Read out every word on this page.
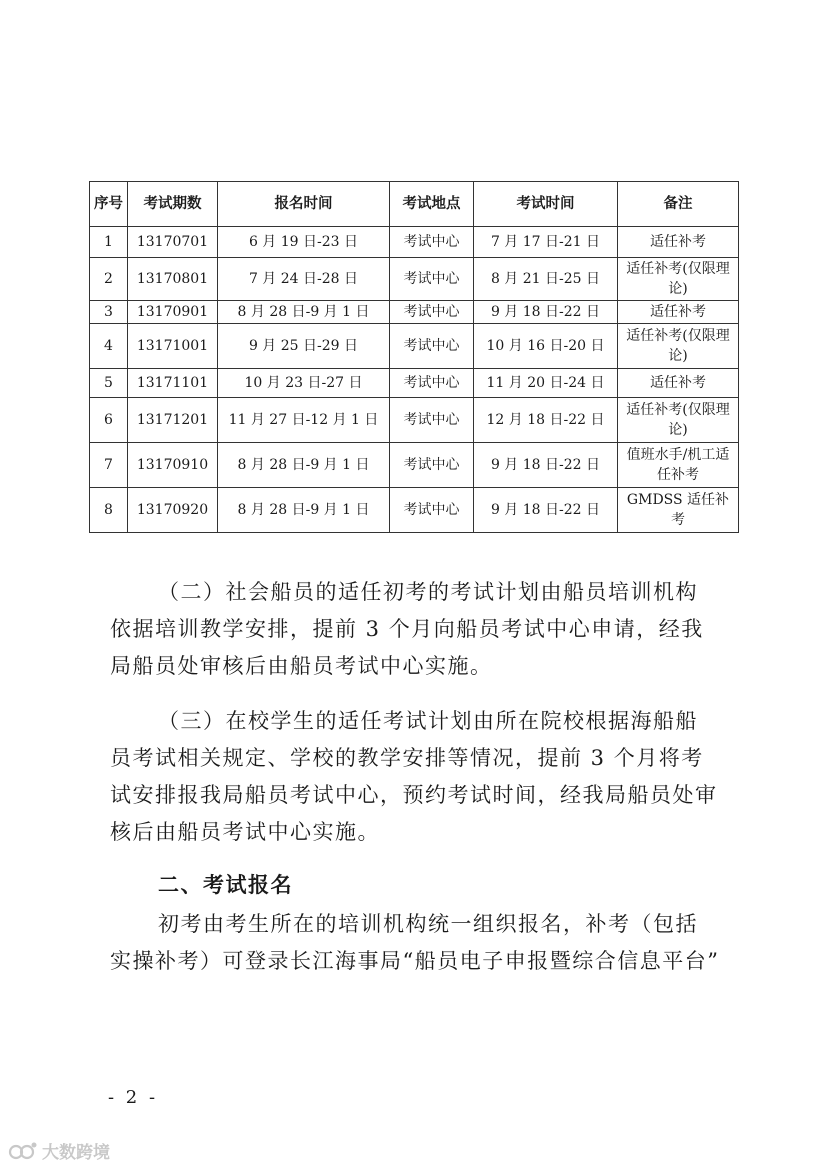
序号	考试期数	报名时间	考试地点	考试时间	备注
1	13170701	6 月 19 日-23 日	考试中心	7 月 17 日-21 日	适任补考
2	13170801	7 月 24 日-28 日	考试中心	8 月 21 日-25 日	适任补考(仅限理论)
3	13170901	8 月 28 日-9 月 1 日	考试中心	9 月 18 日-22 日	适任补考
4	13171001	9 月 25 日-29 日	考试中心	10 月 16 日-20 日	适任补考(仅限理论)
5	13171101	10 月 23 日-27 日	考试中心	11 月 20 日-24 日	适任补考
6	13171201	11 月 27 日-12 月 1 日	考试中心	12 月 18 日-22 日	适任补考(仅限理论)
7	13170910	8 月 28 日-9 月 1 日	考试中心	9 月 18 日-22 日	值班水手/机工适任补考
8	13170920	8 月 28 日-9 月 1 日	考试中心	9 月 18 日-22 日	GMDSS 适任补考

（二）社会船员的适任初考的考试计划由船员培训机构依据培训教学安排，提前 3 个月向船员考试中心申请，经我局船员处审核后由船员考试中心实施。

（三）在校学生的适任考试计划由所在院校根据海船船员考试相关规定、学校的教学安排等情况，提前 3 个月将考试安排报我局船员考试中心，预约考试时间，经我局船员处审核后由船员考试中心实施。

二、考试报名

初考由考生所在的培训机构统一组织报名，补考（包括实操补考）可登录长江海事局“船员电子申报暨综合信息平台”

- 2 -
大数跨境
